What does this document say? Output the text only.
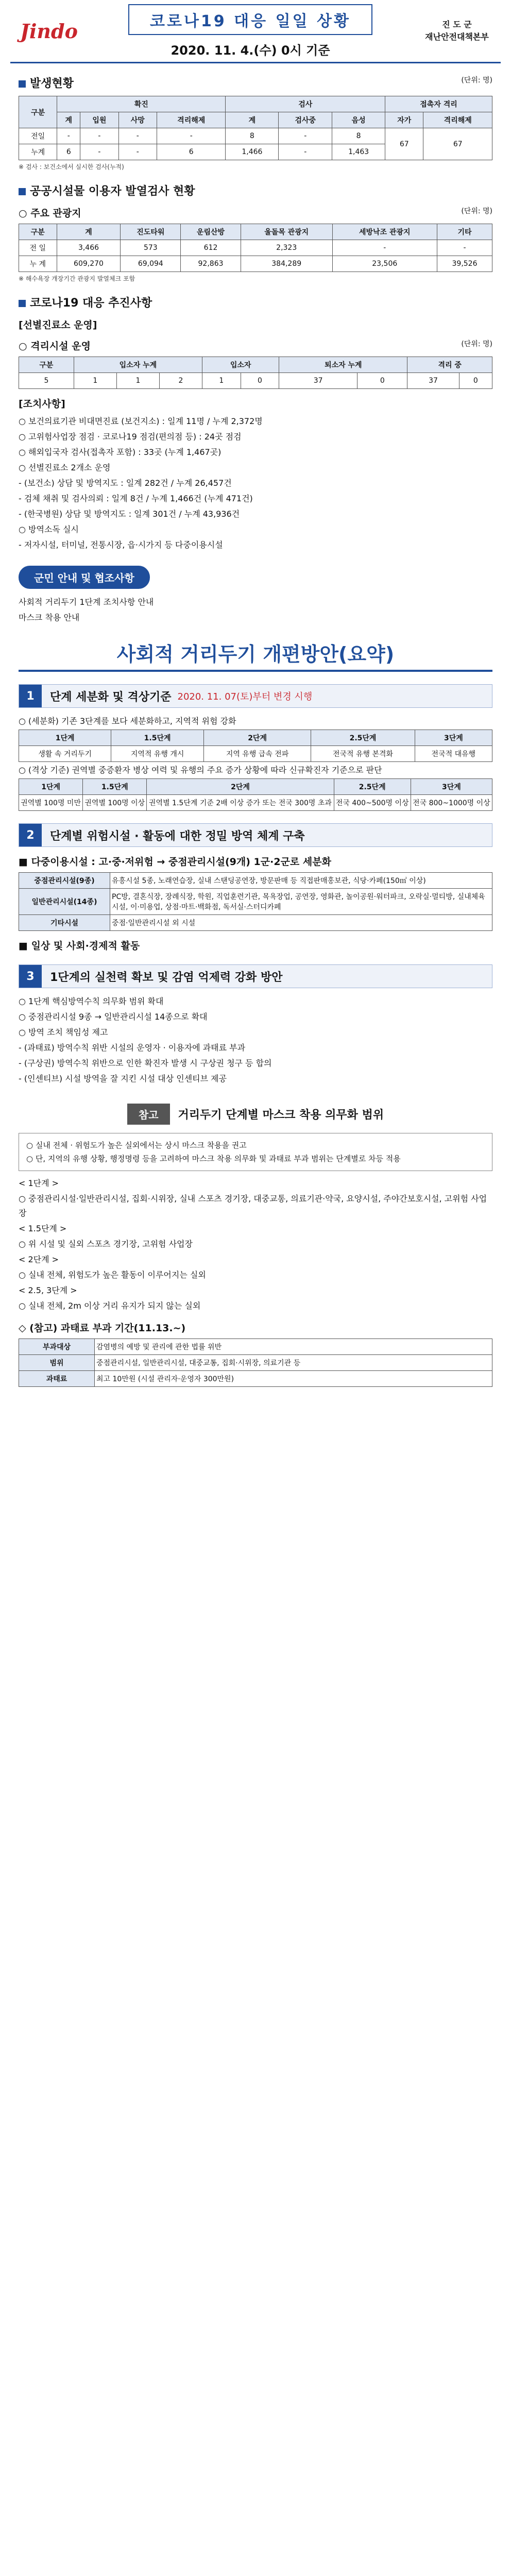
Jindo	코로나19 대응 일일 상황
2020. 11. 4.(수) 0시 기준
진 도 군
재난안전대책본부
발생현황	(단위: 명)
구분	확진				검사			접촉자 격리	
	계	입원	사망	격리해제	계	검사중	음성	자가	격리해제
전일	-	-	-	-	8	-	8	67	67
누계	6	-	-	6	1,466	-	1,463		
※ 검사 : 보건소에서 실시한 검사(누적)
공공시설물 이용자 발열검사 현황
○ 주요 관광지	(단위: 명)
구분	계	진도타워	운림산방	울돌목 관광지	세방낙조 관광지	기타
전 일	3,466	573	612	2,323	-	-
누 계	609,270	69,094	92,863	384,289	23,506	39,526
※ 해수욕장 개장기간 관광지 발열체크 포함
코로나19 대응 추진사항
[선별진료소 운영]
○ 격리시설 운영	(단위: 명)
구분	입소자 누계			입소자		퇴소자 누계		격리 중	
5	1	1	2	1	0	37	0	37	0
[조치사항]
○ 보건의료기관 비대면진료 (보건지소) : 일계 11명 / 누계 2,372명
○ 고위험사업장 점검 · 코로나19 점검(편의점 등) : 24곳 점검
○ 해외입국자 검사(접촉자 포함) : 33곳 (누계 1,467곳)
○ 선별진료소 2개소 운영
- (보건소) 상담 및 방역지도 : 일계 282건 / 누계 26,457건
- 검체 채취 및 검사의뢰 : 일계 8건 / 누계 1,466건 (누계 471건)
- (한국병원) 상담 및 방역지도 : 일계 301건 / 누계 43,936건
○ 방역소독 실시
- 저자시설, 터미널, 전통시장, 읍·시가지 등 다중이용시설
군민 안내 및 협조사항
사회적 거리두기 1단계 조치사항 안내
마스크 착용 안내
사회적 거리두기 개편방안(요약)
1	단계 세분화 및 격상기준 2020. 11. 07(토)부터 변경 시행
○ (세분화) 기존 3단계를 보다 세분화하고, 지역적 위험 강화
1단계	1.5단계	2단계	2.5단계	3단계
생활 속 거리두기	지역적 유행 개시	지역 유행 급속 전파	전국적 유행 본격화	전국적 대유행
○ (격상 기준) 권역별 중증환자 병상 여력 및 유행의 주요 증가 상황에 따라 신규확진자 기준으로 판단
1단계	1.5단계	2단계	2.5단계	3단계
권역별 100명 미만	권역별 100명 이상	권역별 1.5단계 기준 2배 이상 증가 또는 전국 300명 초과	전국 400~500명 이상	전국 800~1000명 이상
2	단계별 위험시설 · 활동에 대한 정밀 방역 체계 구축
■ 다중이용시설 : 고·중·저위험 → 중점관리시설(9개) 1군·2군로 세분화
중점관리시설(9종)	유흥시설 5종, 노래연습장, 실내 스탠딩공연장, 방문판매 등 직접판매홍보관, 식당·카페(150㎡ 이상)
일반관리시설(14종)	PC방, 결혼식장, 장례식장, 학원, 직업훈련기관, 목욕장업, 공연장, 영화관, 놀이공원·워터파크, 오락실·멀티방, 실내체육시설, 이·미용업, 상점·마트·백화점, 독서실·스터디카페
기타시설	중점·일반관리시설 외 시설
■ 일상 및 사회·경제적 활동
3	1단계의 실천력 확보 및 감염 억제력 강화 방안
○ 1단계 핵심방역수칙 의무화 범위 확대
○ 중점관리시설 9종 → 일반관리시설 14종으로 확대
○ 방역 조치 책임성 제고
- (과태료) 방역수칙 위반 시설의 운영자 · 이용자에 과태료 부과
- (구상권) 방역수칙 위반으로 인한 확진자 발생 시 구상권 청구 등 합의
- (인센티브) 시설 방역을 잘 지킨 시설 대상 인센티브 제공
참고	거리두기 단계별 마스크 착용 의무화 범위
○ 실내 전체 · 위험도가 높은 실외에서는 상시 마스크 착용을 권고
○ 단, 지역의 유행 상황, 행정명령 등을 고려하여 마스크 착용 의무화 및 과태료 부과 범위는 단계별로 차등 적용
< 1단계 >
○ 중점관리시설·일반관리시설, 집회·시위장, 실내 스포츠 경기장, 대중교통, 의료기관·약국, 요양시설, 주야간보호시설, 고위험 사업장
< 1.5단계 >
○ 위 시설 및 실외 스포츠 경기장, 고위험 사업장
< 2단계 >
○ 실내 전체, 위험도가 높은 활동이 이루어지는 실외
< 2.5, 3단계 >
○ 실내 전체, 2m 이상 거리 유지가 되지 않는 실외
◇ (참고) 과태료 부과 기간(11.13.~)
부과대상	감염병의 예방 및 관리에 관한 법률 위반
범위	중점관리시설, 일반관리시설, 대중교통, 집회·시위장, 의료기관 등
과태료	최고 10만원 (시설 관리자·운영자 300만원)
